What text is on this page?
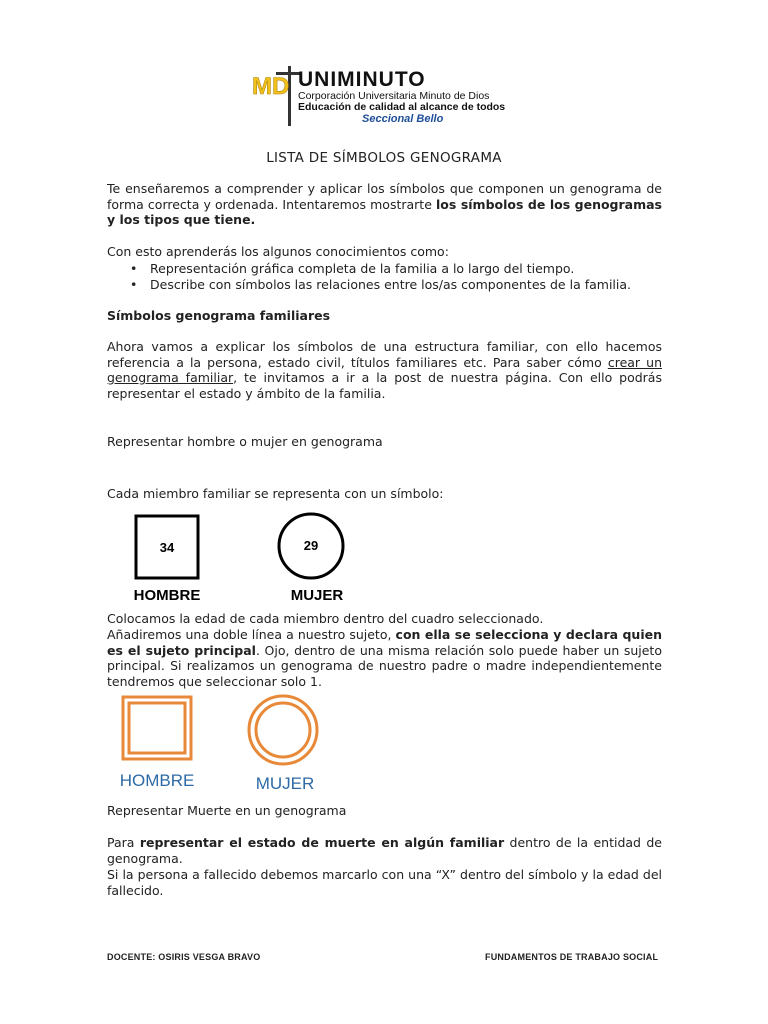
MD UNIMINUTO
Corporación Universitaria Minuto de Dios
Educación de calidad al alcance de todos
Seccional Bello

LISTA DE SÍMBOLOS GENOGRAMA

Te enseñaremos a comprender y aplicar los símbolos que componen un genograma de forma correcta y ordenada. Intentaremos mostrarte los símbolos de los genogramas y los tipos que tiene.

Con esto aprenderás los algunos conocimientos como:

• Representación gráfica completa de la familia a lo largo del tiempo.
• Describe con símbolos las relaciones entre los/as componentes de la familia.

Símbolos genograma familiares

Ahora vamos a explicar los símbolos de una estructura familiar, con ello hacemos referencia a la persona, estado civil, títulos familiares etc. Para saber cómo crear un genograma familiar, te invitamos a ir a la post de nuestra página. Con ello podrás representar el estado y ámbito de la familia.

Representar hombre o mujer en genograma

Cada miembro familiar se representa con un símbolo:

34	29
HOMBRE	MUJER

Colocamos la edad de cada miembro dentro del cuadro seleccionado.

Añadiremos una doble línea a nuestro sujeto, con ella se selecciona y declara quien es el sujeto principal. Ojo, dentro de una misma relación solo puede haber un sujeto principal. Si realizamos un genograma de nuestro padre o madre independientemente tendremos que seleccionar solo 1.

HOMBRE	MUJER

Representar Muerte en un genograma

Para representar el estado de muerte en algún familiar dentro de la entidad de genograma.

Si la persona a fallecido debemos marcarlo con una “X” dentro del símbolo y la edad del fallecido.

DOCENTE: OSIRIS VESGA BRAVO	FUNDAMENTOS DE TRABAJO SOCIAL
